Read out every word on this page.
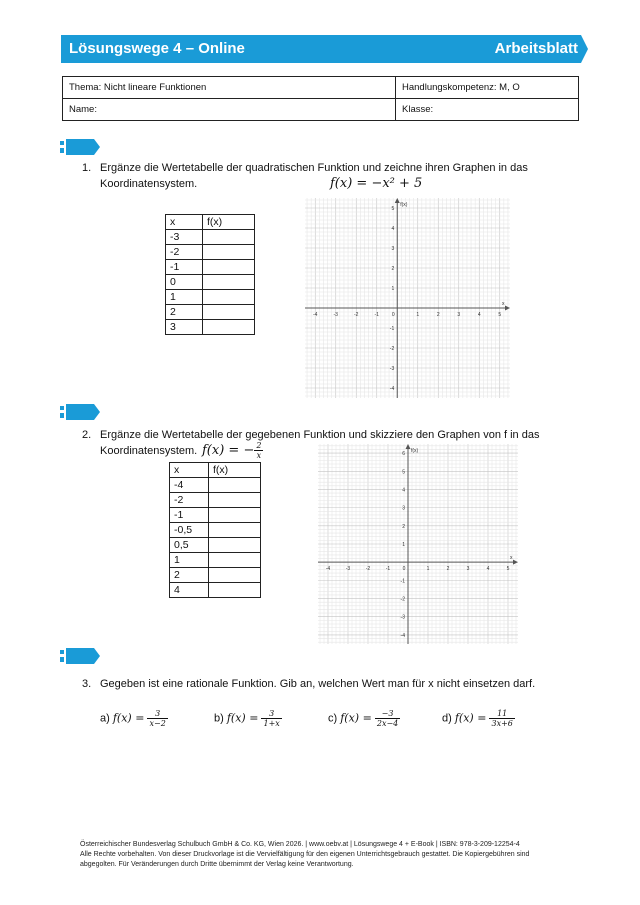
Lösungswege 4 – Online	Arbeitsblatt
Thema: Nicht lineare Funktionen	Handlungskompetenz: M, O
Name:	Klasse:
1. Ergänze die Wertetabelle der quadratischen Funktion und zeichne ihren Graphen in das
Koordinatensystem.	f(x) = −x² + 5
x	f(x)
-3	
-2	
-1	
0	
1	
2	
3	
-4	-3	-2	-1	0	1	2	3	4	5
5
4
3
2
1
-1
-2
-3
-4
x
f(x)
2. Ergänze die Wertetabelle der gegebenen Funktion und skizziere den Graphen von f in das
Koordinatensystem. f(x) = − $\frac{2}{x}$
x	f(x)
-4	
-2	
-1	
-0,5	
0,5	
1	
2	
4	
-4	-3	-2	-1 0	1	2	3	4	5
6
5
4
3
2
1
-1
-2
-3
-4
x
f(x)
3. Gegeben ist eine rationale Funktion. Gib an, welchen Wert man für x nicht einsetzen darf.
a) $f(x) = \frac{3}{x-2}$	b) $f(x) = \frac{3}{1+x}$	c) $f(x) = \frac{-3}{2x-4}$	d) $f(x) = \frac{11}{3x+6}$
Österreichischer Bundesverlag Schulbuch GmbH & Co. KG, Wien 2026. | www.oebv.at | Lösungswege 4 + E-Book | ISBN: 978-3-209-12254-4
Alle Rechte vorbehalten. Von dieser Druckvorlage ist die Vervielfältigung für den eigenen Unterrichtsgebrauch gestattet. Die Kopiergebühren sind
abgegolten. Für Veränderungen durch Dritte übernimmt der Verlag keine Verantwortung.
